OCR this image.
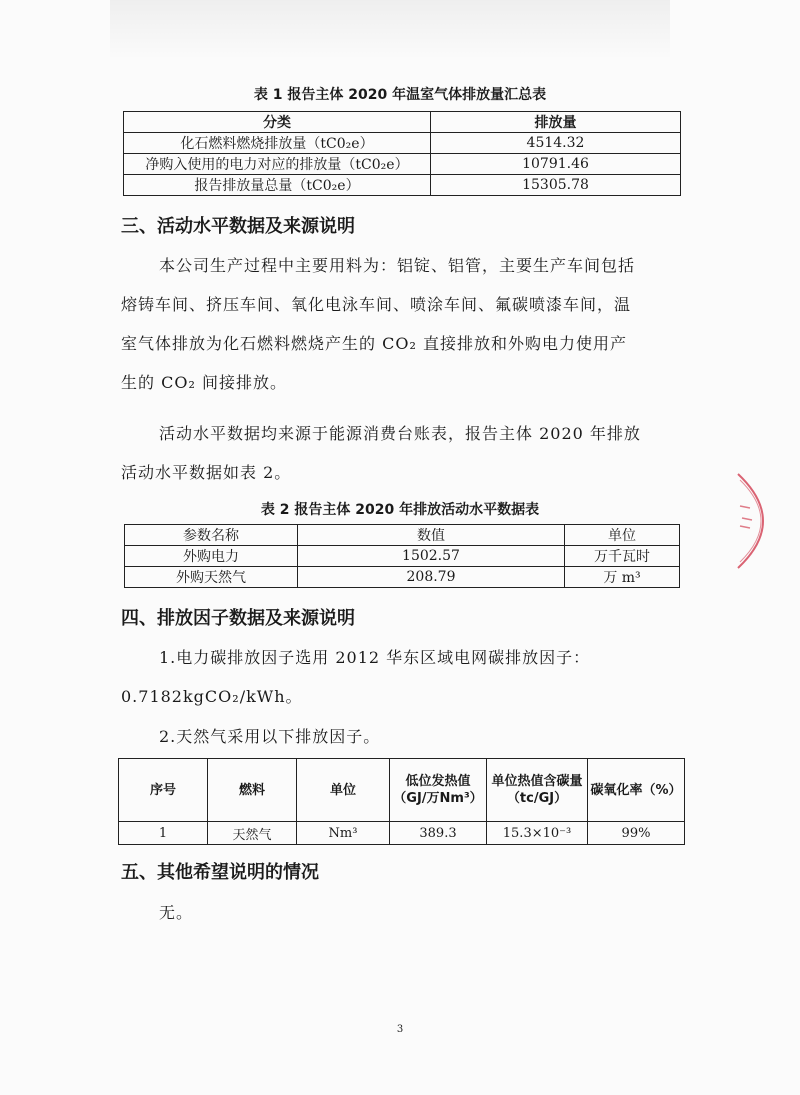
表 1 报告主体 2020 年温室气体排放量汇总表
分类	排放量
化石燃料燃烧排放量（tC0₂e）	4514.32
净购入使用的电力对应的排放量（tC0₂e）	10791.46
报告排放量总量（tC0₂e）	15305.78
三、活动水平数据及来源说明
本公司生产过程中主要用料为：铝锭、铝管，主要生产车间包括
熔铸车间、挤压车间、氧化电泳车间、喷涂车间、氟碳喷漆车间，温
室气体排放为化石燃料燃烧产生的 CO₂ 直接排放和外购电力使用产
生的 CO₂ 间接排放。
活动水平数据均来源于能源消费台账表，报告主体 2020 年排放
活动水平数据如表 2。
表 2 报告主体 2020 年排放活动水平数据表
参数名称	数值	单位
外购电力	1502.57	万千瓦时
外购天然气	208.79	万 m³
四、排放因子数据及来源说明
1.电力碳排放因子选用 2012 华东区域电网碳排放因子：
0.7182kgCO₂/kWh。
2.天然气采用以下排放因子。
序号	燃料	单位	低位发热值（GJ/万Nm³）	单位热值含碳量（tc/GJ）	碳氧化率（%）
1	天然气	Nm³	389.3	15.3×10⁻³	99%
五、其他希望说明的情况
无。
3
